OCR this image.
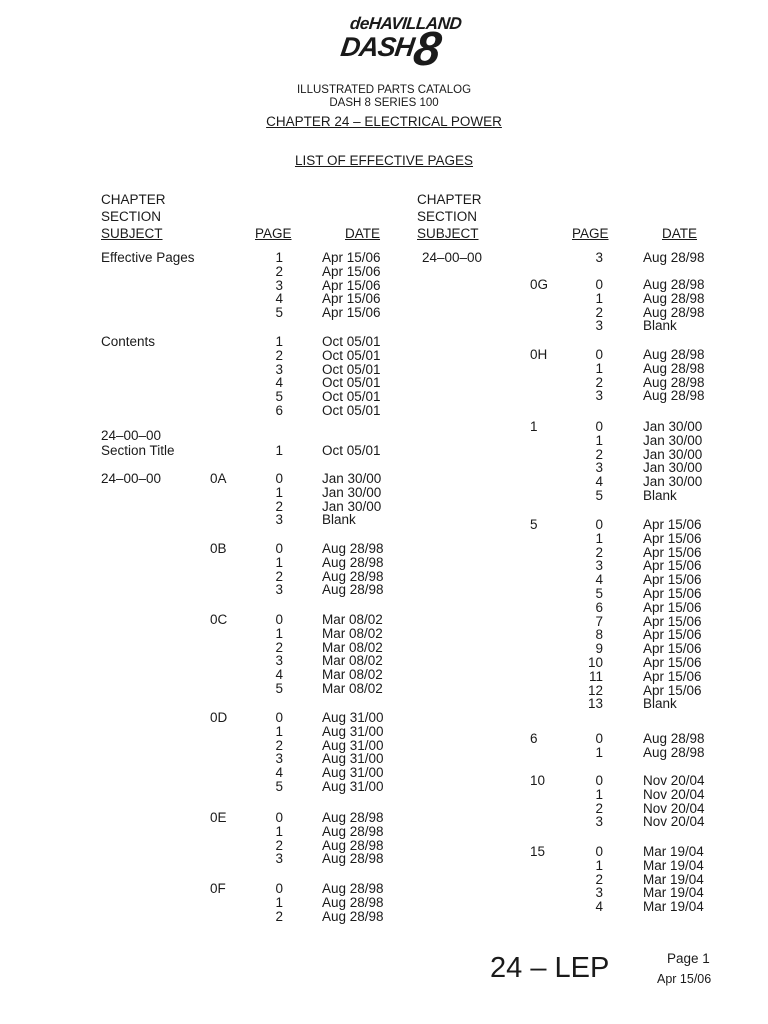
deHAVILLAND
DASH
8
ILLUSTRATED PARTS CATALOG
DASH 8 SERIES 100
CHAPTER 24 – ELECTRICAL POWER
LIST OF EFFECTIVE PAGES
CHAPTER
SECTION
SUBJECT	PAGE	DATE
CHAPTER
SECTION
SUBJECT	PAGE	DATE
Effective Pages	1	Apr 15/06
2	Apr 15/06
3	Apr 15/06
4	Apr 15/06
5	Apr 15/06
Contents	1	Oct 05/01
2	Oct 05/01
3	Oct 05/01
4	Oct 05/01
5	Oct 05/01
6	Oct 05/01
24–00–00
Section Title	1	Oct 05/01
24–00–00	0A	0	Jan 30/00
1	Jan 30/00
2	Jan 30/00
3	Blank
0B	0	Aug 28/98
1	Aug 28/98
2	Aug 28/98
3	Aug 28/98
0C	0	Mar 08/02
1	Mar 08/02
2	Mar 08/02
3	Mar 08/02
4	Mar 08/02
5	Mar 08/02
0D	0	Aug 31/00
1	Aug 31/00
2	Aug 31/00
3	Aug 31/00
4	Aug 31/00
5	Aug 31/00
0E	0	Aug 28/98
1	Aug 28/98
2	Aug 28/98
3	Aug 28/98
0F	0	Aug 28/98
1	Aug 28/98
2	Aug 28/98
24–00–00	3	Aug 28/98
0G	0	Aug 28/98
1	Aug 28/98
2	Aug 28/98
3	Blank
0H	0	Aug 28/98
1	Aug 28/98
2	Aug 28/98
3	Aug 28/98
1	0	Jan 30/00
1	Jan 30/00
2	Jan 30/00
3	Jan 30/00
4	Jan 30/00
5	Blank
5	0	Apr 15/06
1	Apr 15/06
2	Apr 15/06
3	Apr 15/06
4	Apr 15/06
5	Apr 15/06
6	Apr 15/06
7	Apr 15/06
8	Apr 15/06
9	Apr 15/06
10	Apr 15/06
11	Apr 15/06
12	Apr 15/06
13	Blank
6	0	Aug 28/98
1	Aug 28/98
10	0	Nov 20/04
1	Nov 20/04
2	Nov 20/04
3	Nov 20/04
15	0	Mar 19/04
1	Mar 19/04
2	Mar 19/04
3	Mar 19/04
4	Mar 19/04
24 – LEP	Page 1
Apr 15/06
